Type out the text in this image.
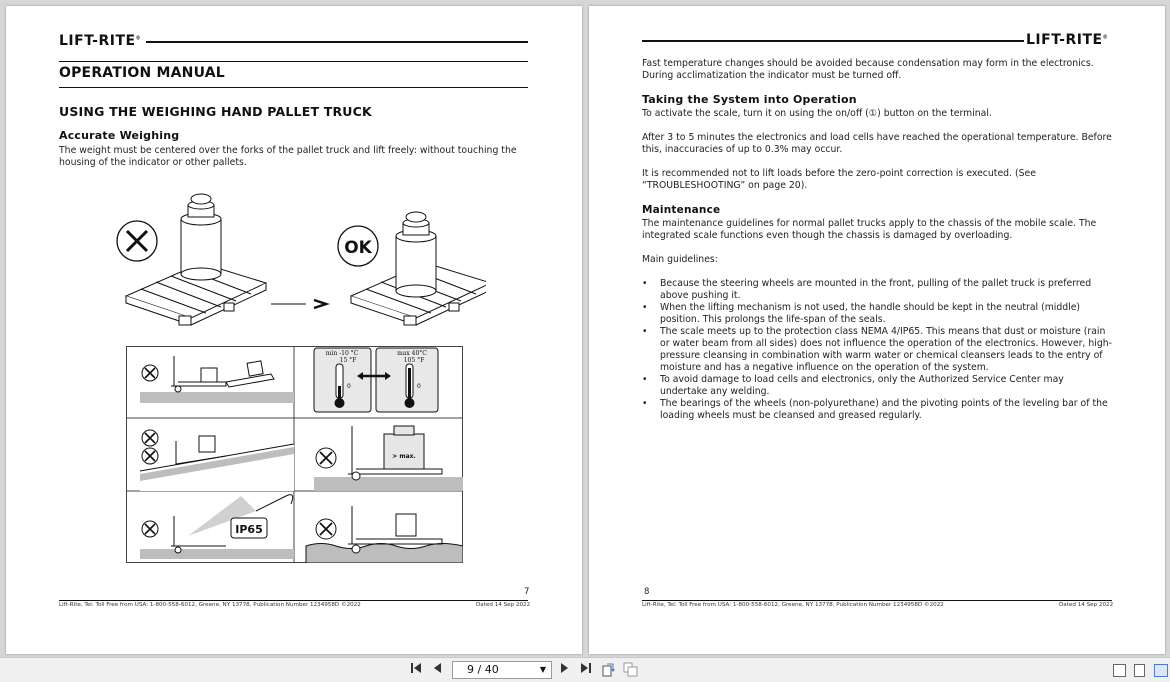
LIFT-RITE®
OPERATION MANUAL
USING THE WEIGHING HAND PALLET TRUCK
Accurate Weighing
The weight must be centered over the forks of the pallet truck and lift freely: without touching the
housing of the indicator or other pallets.
OK
min -10 °C
15 °F
max 40°C
105 °F
0	0
> max.
IP65
7
Lift-Rite, Tel: Toll Free from USA: 1-800-558-6012, Greene, NY 13778, Publication Number 1234958D ©2022	Dated 14 Sep 2022
LIFT-RITE®
Fast temperature changes should be avoided because condensation may form in the electronics.
During acclimatization the indicator must be turned off.
Taking the System into Operation
To activate the scale, turn it on using the on/off (①) button on the terminal.
After 3 to 5 minutes the electronics and load cells have reached the operational temperature. Before
this, inaccuracies of up to 0.3% may occur.
It is recommended not to lift loads before the zero-point correction is executed. (See
“TROUBLESHOOTING” on page 20).
Maintenance
The maintenance guidelines for normal pallet trucks apply to the chassis of the mobile scale. The
integrated scale functions even though the chassis is damaged by overloading.
Main guidelines:
• Because the steering wheels are mounted in the front, pulling of the pallet truck is preferred above pushing it.
• When the lifting mechanism is not used, the handle should be kept in the neutral (middle) position. This prolongs the life-span of the seals.
• The scale meets up to the protection class NEMA 4/IP65. This means that dust or moisture (rain or water beam from all sides) does not influence the operation of the electronics. However, high-pressure cleansing in combination with warm water or chemical cleansers leads to the entry of moisture and has a negative influence on the operation of the system.
• To avoid damage to load cells and electronics, only the Authorized Service Center may undertake any welding.
• The bearings of the wheels (non-polyurethane) and the pivoting points of the leveling bar of the loading wheels must be cleansed and greased regularly.
8
Lift-Rite, Tel: Toll Free from USA: 1-800-558-6012, Greene, NY 13778, Publication Number 1234958D ©2022	Dated 14 Sep 2022
9 / 40	▼
